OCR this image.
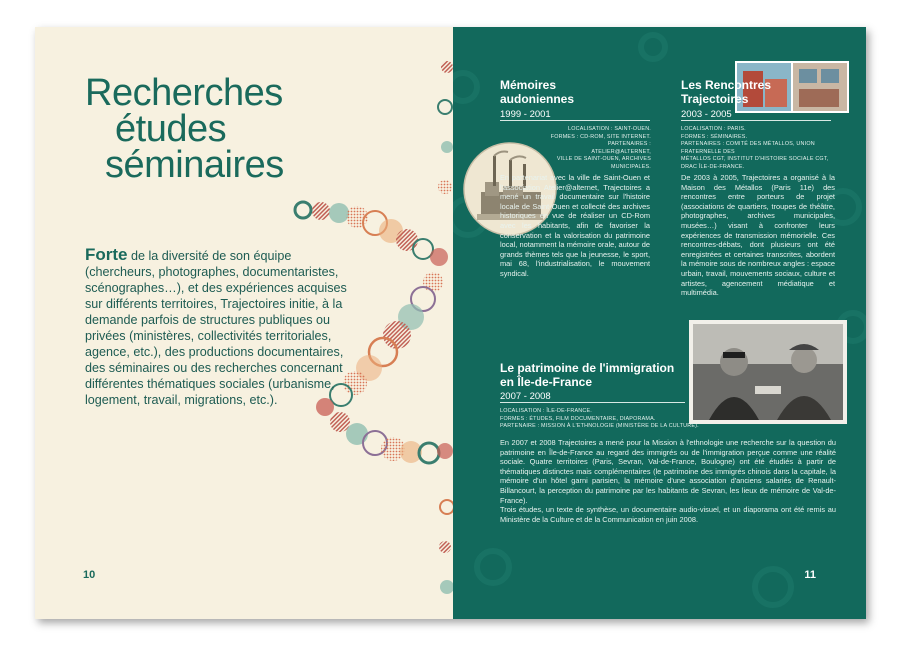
Recherches
études
séminaires
Forte de la diversité de son équipe (chercheurs, photographes, documentaristes, scénographes…), et des expériences acquises sur différents territoires, Trajectoires initie, à la demande parfois de structures publiques ou privées (ministères, collectivités territoriales, agence, etc.), des productions documentaires, des séminaires ou des recherches concernant différentes thématiques sociales (urbanisme, logement, travail, migrations, etc.).
10
Mémoires
audoniennes
1999 - 2001
LOCALISATION : SAINT-OUEN.
FORMES : CD-ROM, SITE INTERNET.
PARTENAIRES : ATELIER@ALTERNET,
VILLE DE SAINT-OUEN, ARCHIVES
MUNICIPALES.

En partenariat avec la ville de Saint-Ouen et l'association Atelier@alternet, Trajectoires a mené un travail documentaire sur l'histoire locale de Saint-Ouen et collecté des archives historiques en vue de réaliser un CD-Rom avec les habitants, afin de favoriser la conservation et la valorisation du patrimoine local, notamment la mémoire orale, autour de grands thèmes tels que la jeunesse, le sport, mai 68, l'industrialisation, le mouvement syndical.

Les Rencontres
Trajectoires
2003 - 2005
LOCALISATION : PARIS.
FORMES : SÉMINAIRES.
PARTENAIRES : COMITÉ DES MÉTALLOS, UNION FRATERNELLE DES
MÉTALLOS CGT, INSTITUT D'HISTOIRE SOCIALE CGT,
DRAC ÎLE-DE-FRANCE.

De 2003 à 2005, Trajectoires a organisé à la Maison des Métallos (Paris 11e) des rencontres entre porteurs de projet (associations de quartiers, troupes de théâtre, photographes, archives municipales, musées…) visant à confronter leurs expériences de transmission mémorielle. Ces rencontres-débats, dont plusieurs ont été enregistrées et certaines transcrites, abordent la mémoire sous de nombreux angles : espace urbain, travail, mouvements sociaux, culture et artistes, agencement médiatique et multimédia.

Le patrimoine de l'immigration
en Île-de-France
2007 - 2008
LOCALISATION : ÎLE-DE-FRANCE.
FORMES : ÉTUDES, FILM DOCUMENTAIRE, DIAPORAMA.
PARTENAIRE : MISSION À L'ETHNOLOGIE (MINISTÈRE DE LA CULTURE).

En 2007 et 2008 Trajectoires a mené pour la Mission à l'ethnologie une recherche sur la question du patrimoine en Île-de-France au regard des immigrés ou de l'immigration perçue comme une réalité sociale. Quatre territoires (Paris, Sevran, Val-de-France, Boulogne) ont été étudiés à partir de thématiques distinctes mais complémentaires (le patrimoine des immigrés chinois dans la capitale, la mémoire d'un hôtel garni parisien, la mémoire d'une association d'anciens salariés de Renault-Billancourt, la perception du patrimoine par les habitants de Sevran, les lieux de mémoire de Val-de-France).

Trois études, un texte de synthèse, un documentaire audio-visuel, et un diaporama ont été remis au Ministère de la Culture et de la Communication en juin 2008.

11
